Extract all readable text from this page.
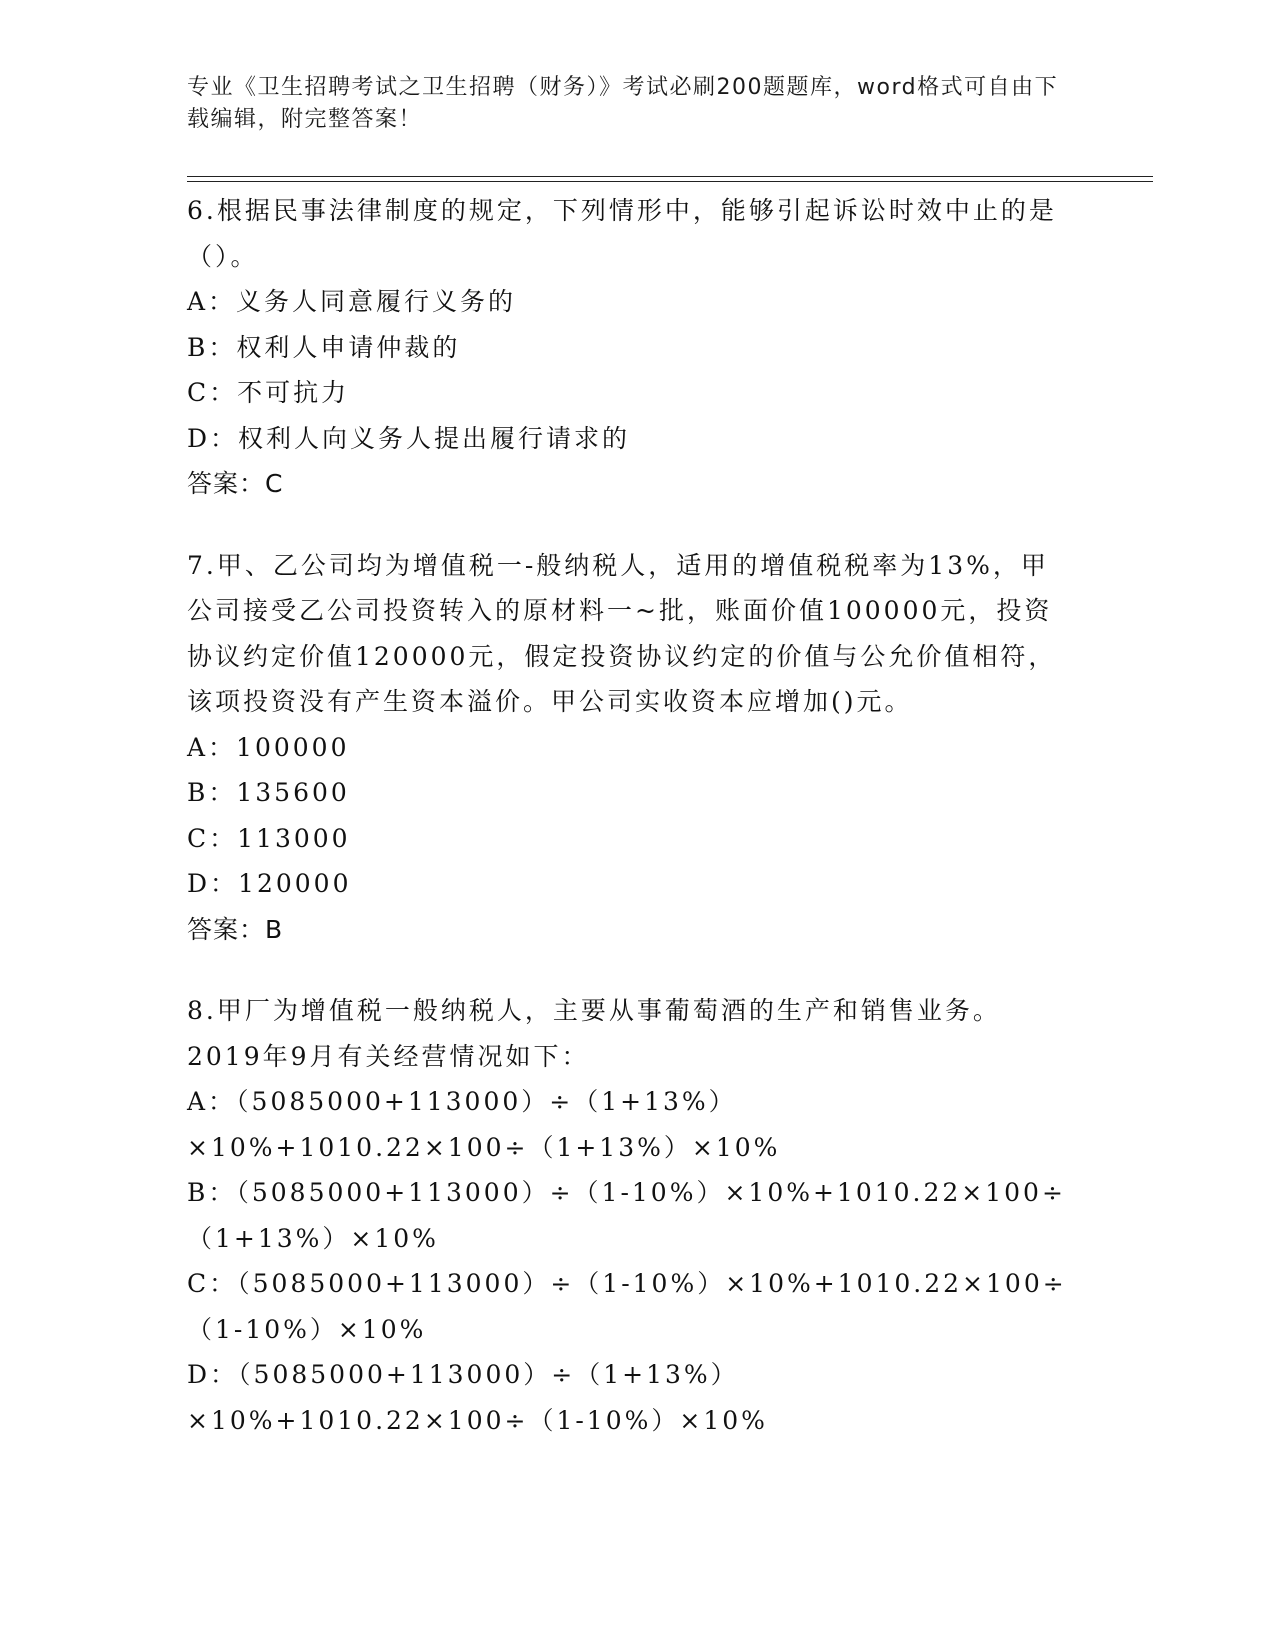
专业《卫生招聘考试之卫生招聘（财务）》考试必刷200题题库，word格式可自由下载编辑，附完整答案！

6.根据民事法律制度的规定，下列情形中，能够引起诉讼时效中止的是（）。

A：义务人同意履行义务的

B：权利人申请仲裁的

C：不可抗力

D：权利人向义务人提出履行请求的

答案：C

7.甲、乙公司均为增值税一-般纳税人，适用的增值税税率为13%，甲公司接受乙公司投资转入的原材料一~批，账面价值100000元，投资协议约定价值120000元，假定投资协议约定的价值与公允价值相符，该项投资没有产生资本溢价。甲公司实收资本应增加()元。

A：100000

B：135600

C：113000

D：120000

答案：B

8.甲厂为增值税一般纳税人，主要从事葡萄酒的生产和销售业务。2019年9月有关经营情况如下：

A：（5085000+113000）÷（1+13%）×10%+1010.22×100÷（1+13%）×10%

B：（5085000+113000）÷（1-10%）×10%+1010.22×100÷（1+13%）×10%

C：（5085000+113000）÷（1-10%）×10%+1010.22×100÷（1-10%）×10%

D：（5085000+113000）÷（1+13%）×10%+1010.22×100÷（1-10%）×10%
